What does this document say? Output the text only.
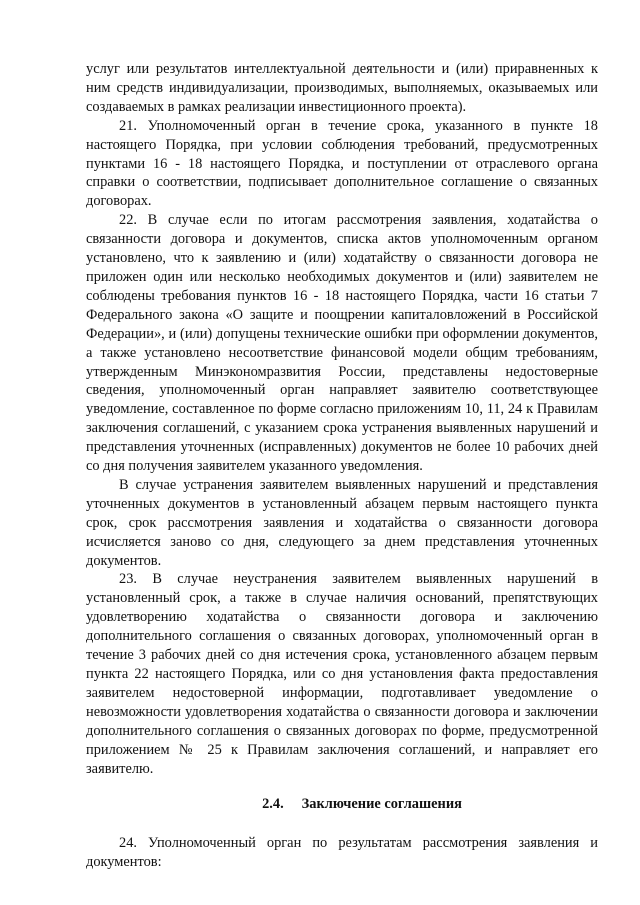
услуг или результатов интеллектуальной деятельности и (или) приравненных к ним средств индивидуализации, производимых, выполняемых, оказываемых или создаваемых в рамках реализации инвестиционного проекта).

21. Уполномоченный орган в течение срока, указанного в пункте 18 настоящего Порядка, при условии соблюдения требований, предусмотренных пунктами 16 - 18 настоящего Порядка, и поступлении от отраслевого органа справки о соответствии, подписывает дополнительное соглашение о связанных договорах.

22. В случае если по итогам рассмотрения заявления, ходатайства о связанности договора и документов, списка актов уполномоченным органом установлено, что к заявлению и (или) ходатайству о связанности договора не приложен один или несколько необходимых документов и (или) заявителем не соблюдены требования пунктов 16 - 18 настоящего Порядка, части 16 статьи 7 Федерального закона «О защите и поощрении капиталовложений в Российской Федерации», и (или) допущены технические ошибки при оформлении документов, а также установлено несоответствие финансовой модели общим требованиям, утвержденным Минэкономразвития России, представлены недостоверные сведения, уполномоченный орган направляет заявителю соответствующее уведомление, составленное по форме согласно приложениям 10, 11, 24 к Правилам заключения соглашений, с указанием срока устранения выявленных нарушений и представления уточненных (исправленных) документов не более 10 рабочих дней со дня получения заявителем указанного уведомления.

В случае устранения заявителем выявленных нарушений и представления уточненных документов в установленный абзацем первым настоящего пункта срок, срок рассмотрения заявления и ходатайства о связанности договора исчисляется заново со дня, следующего за днем представления уточненных документов.

23. В случае неустранения заявителем выявленных нарушений в установленный срок, а также в случае наличия оснований, препятствующих удовлетворению ходатайства о связанности договора и заключению дополнительного соглашения о связанных договорах, уполномоченный орган в течение 3 рабочих дней со дня истечения срока, установленного абзацем первым пункта 22 настоящего Порядка, или со дня установления факта предоставления заявителем недостоверной информации, подготавливает уведомление о невозможности удовлетворения ходатайства о связанности договора и заключении дополнительного соглашения о связанных договорах по форме, предусмотренной приложением № 25 к Правилам заключения соглашений, и направляет его заявителю.

2.4. Заключение соглашения

24. Уполномоченный орган по результатам рассмотрения заявления и документов:
